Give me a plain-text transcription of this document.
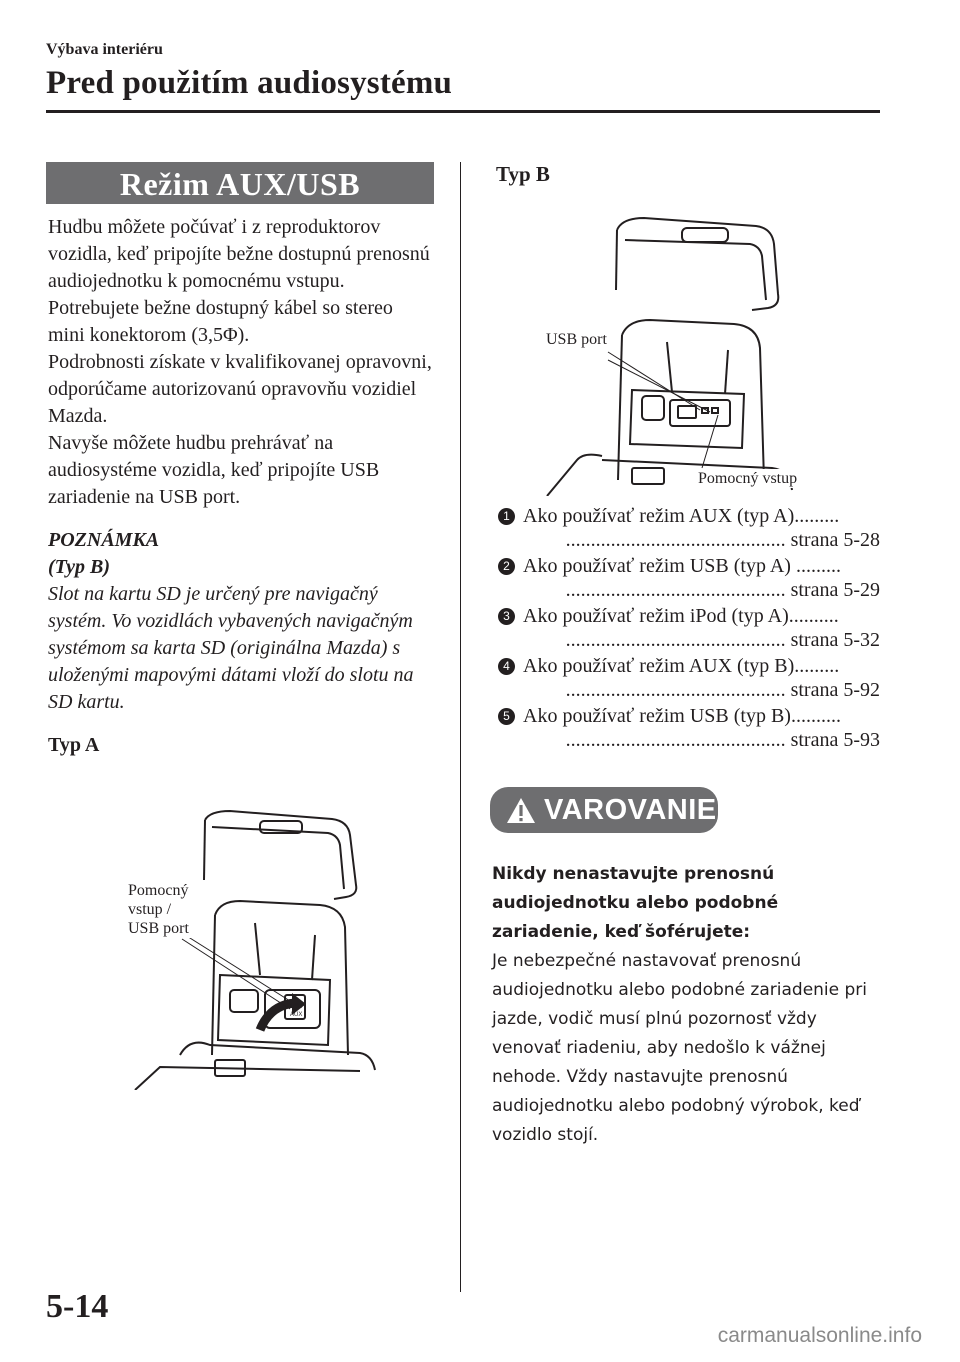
Výbava interiéru
Pred použitím audiosystému
Režim AUX/USB

Hudbu môžete počúvať i z reproduktorov vozidla, keď pripojíte bežne dostupnú prenosnú audiojednotku k pomocnému vstupu.

Potrebujete bežne dostupný kábel so stereo mini konektorom (3,5Φ).

Podrobnosti získate v kvalifikovanej opravovni, odporúčame autorizovanú opravovňu vozidiel Mazda.

Navyše môžete hudbu prehrávať na audiosystéme vozidla, keď pripojíte USB zariadenie na USB port.

POZNÁMKA

(Typ B)

Slot na kartu SD je určený pre navigačný systém. Vo vozidlách vybavených navigačným systémom sa karta SD (originálna Mazda) s uloženými mapovými dátami vloží do slotu na SD kartu.

Typ A
USB
AUX
Pomocný
vstup /
USB port
Typ B
USB port
Pomocný vstup
1 Ako používať režim AUX (typ A).........
............................................ strana 5-28
2 Ako používať režim USB (typ A) .........
............................................ strana 5-29
3 Ako používať režim iPod (typ A)..........
............................................ strana 5-32
4 Ako používať režim AUX (typ B).........
............................................ strana 5-92
5 Ako používať režim USB (typ B)..........
............................................ strana 5-93
VAROVANIE

Nikdy nenastavujte prenosnú audiojednotku alebo podobné zariadenie, keď šoférujete:

Je nebezpečné nastavovať prenosnú audiojednotku alebo podobné zariadenie pri jazde, vodič musí plnú pozornosť vždy venovať riadeniu, aby nedošlo k vážnej nehode. Vždy nastavujte prenosnú audiojednotku alebo podobný výrobok, keď vozidlo stojí.

5-14
carmanualsonline.info
